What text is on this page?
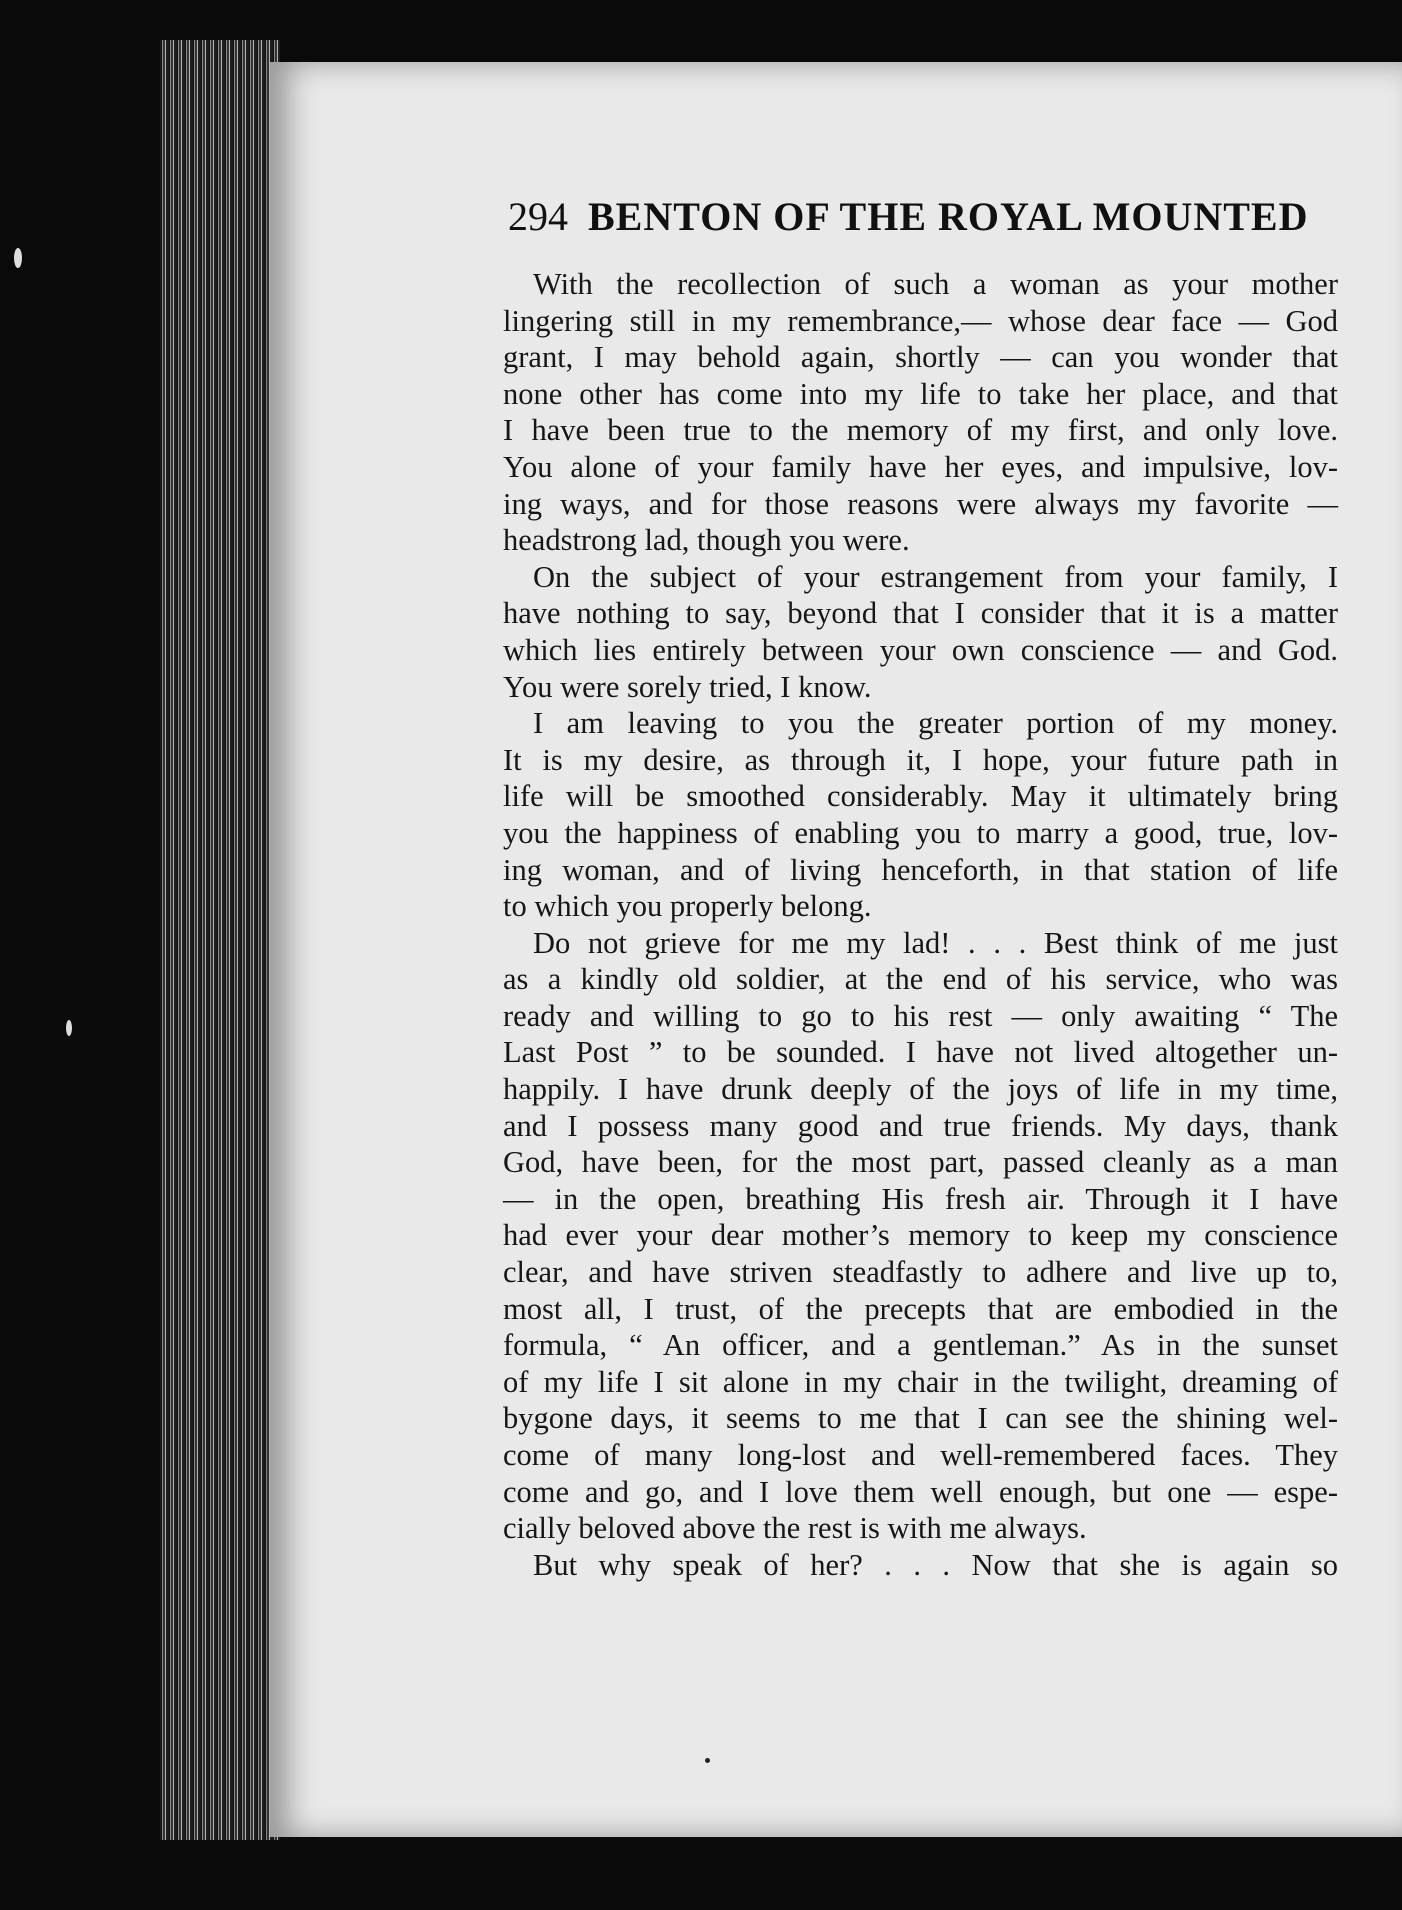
294 BENTON OF THE ROYAL MOUNTED
With the recollection of such a woman as your mother
lingering still in my remembrance,— whose dear face — God
grant, I may behold again, shortly — can you wonder that
none other has come into my life to take her place, and that
I have been true to the memory of my first, and only love.
You alone of your family have her eyes, and impulsive, lov-
ing ways, and for those reasons were always my favorite —
headstrong lad, though you were.
On the subject of your estrangement from your family, I
have nothing to say, beyond that I consider that it is a matter
which lies entirely between your own conscience — and God.
You were sorely tried, I know.
I am leaving to you the greater portion of my money.
It is my desire, as through it, I hope, your future path in
life will be smoothed considerably. May it ultimately bring
you the happiness of enabling you to marry a good, true, lov-
ing woman, and of living henceforth, in that station of life
to which you properly belong.
Do not grieve for me my lad! . . . Best think of me just
as a kindly old soldier, at the end of his service, who was
ready and willing to go to his rest — only awaiting “ The
Last Post ” to be sounded. I have not lived altogether un-
happily. I have drunk deeply of the joys of life in my time,
and I possess many good and true friends. My days, thank
God, have been, for the most part, passed cleanly as a man
— in the open, breathing His fresh air. Through it I have
had ever your dear mother’s memory to keep my conscience
clear, and have striven steadfastly to adhere and live up to,
most all, I trust, of the precepts that are embodied in the
formula, “ An officer, and a gentleman.” As in the sunset
of my life I sit alone in my chair in the twilight, dreaming of
bygone days, it seems to me that I can see the shining wel-
come of many long-lost and well-remembered faces. They
come and go, and I love them well enough, but one — espe-
cially beloved above the rest is with me always.
But why speak of her? . . . Now that she is again so
